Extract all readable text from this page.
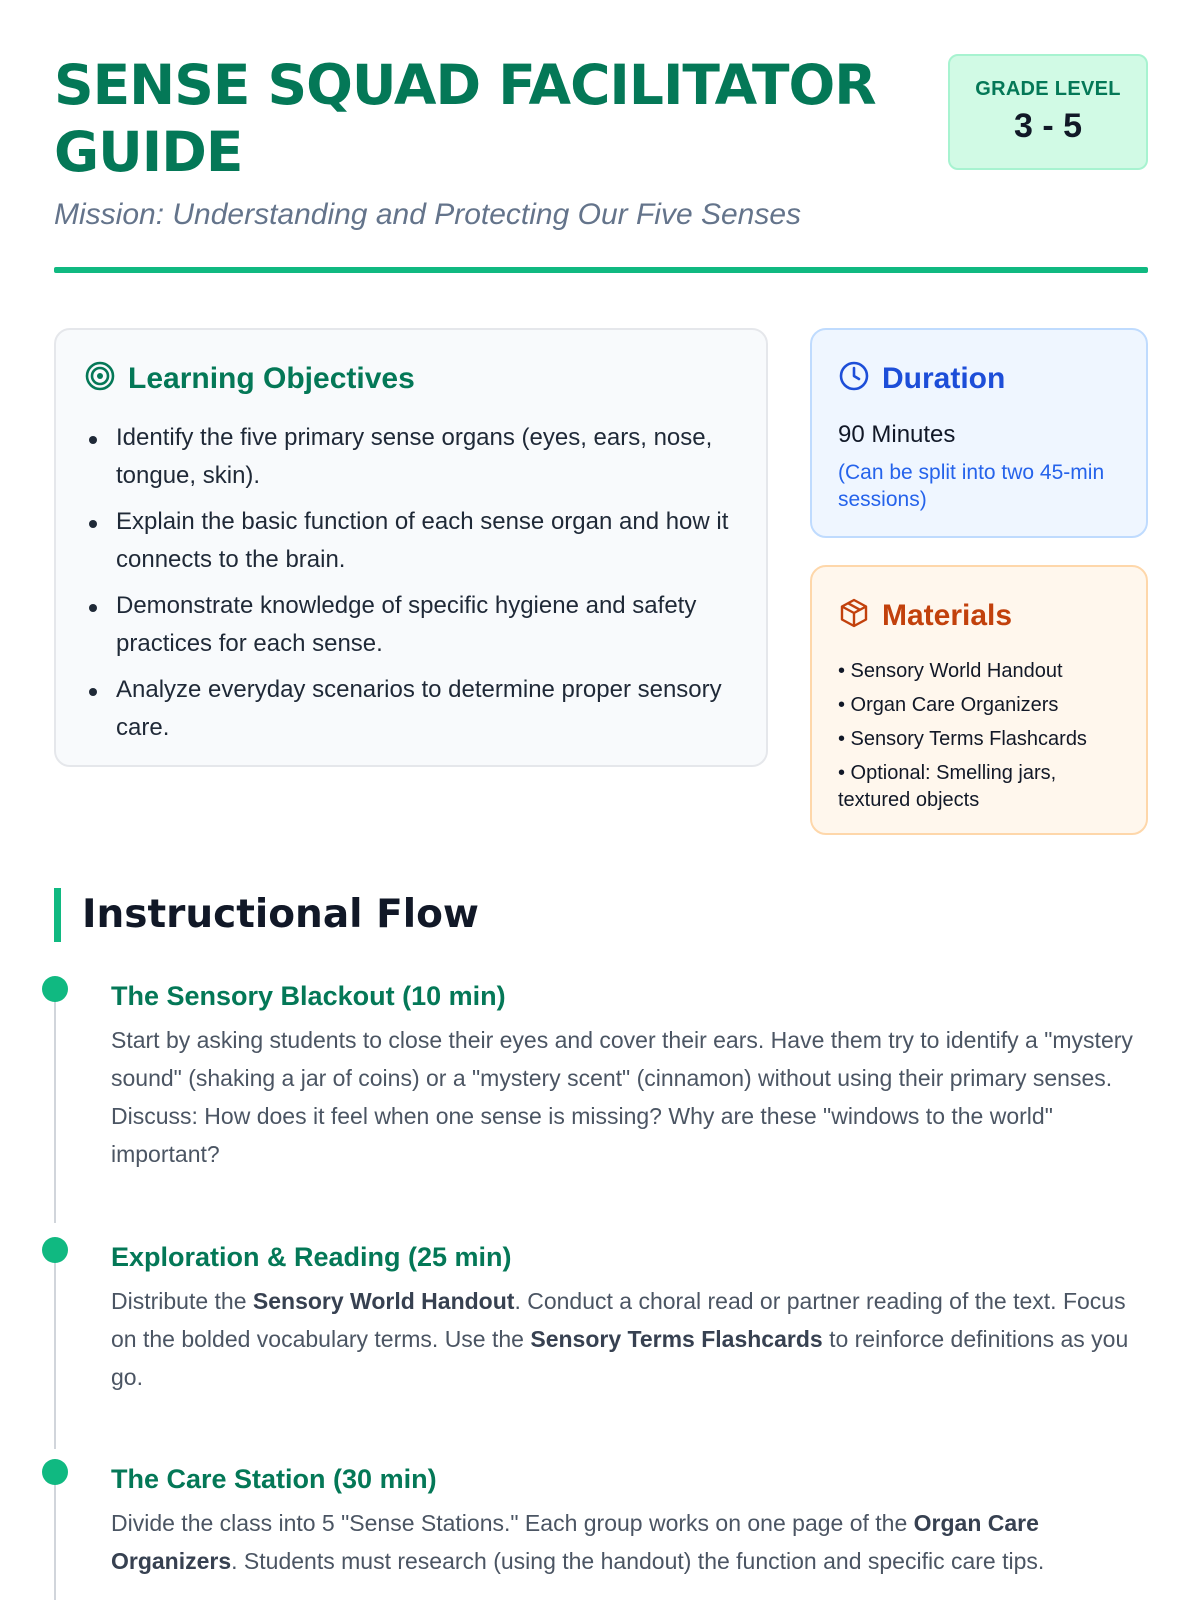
SENSE SQUAD FACILITATOR GUIDE
Mission: Understanding and Protecting Our Five Senses
GRADE LEVEL
3 - 5
Learning Objectives
Identify the five primary sense organs (eyes, ears, nose, tongue, skin).
Explain the basic function of each sense organ and how it connects to the brain.
Demonstrate knowledge of specific hygiene and safety practices for each sense.
Analyze everyday scenarios to determine proper sensory care.
Duration
90 Minutes
(Can be split into two 45-min sessions)
Materials
• Sensory World Handout
• Organ Care Organizers
• Sensory Terms Flashcards
• Optional: Smelling jars, textured objects
Instructional Flow
The Sensory Blackout (10 min)

Start by asking students to close their eyes and cover their ears. Have them try to identify a "mystery sound" (shaking a jar of coins) or a "mystery scent" (cinnamon) without using their primary senses. Discuss: How does it feel when one sense is missing? Why are these "windows to the world" important?

Exploration & Reading (25 min)

Distribute the Sensory World Handout. Conduct a choral read or partner reading of the text. Focus on the bolded vocabulary terms. Use the Sensory Terms Flashcards to reinforce definitions as you go.

The Care Station (30 min)

Divide the class into 5 "Sense Stations." Each group works on one page of the Organ Care Organizers. Students must research (using the handout) the function and specific care tips.
